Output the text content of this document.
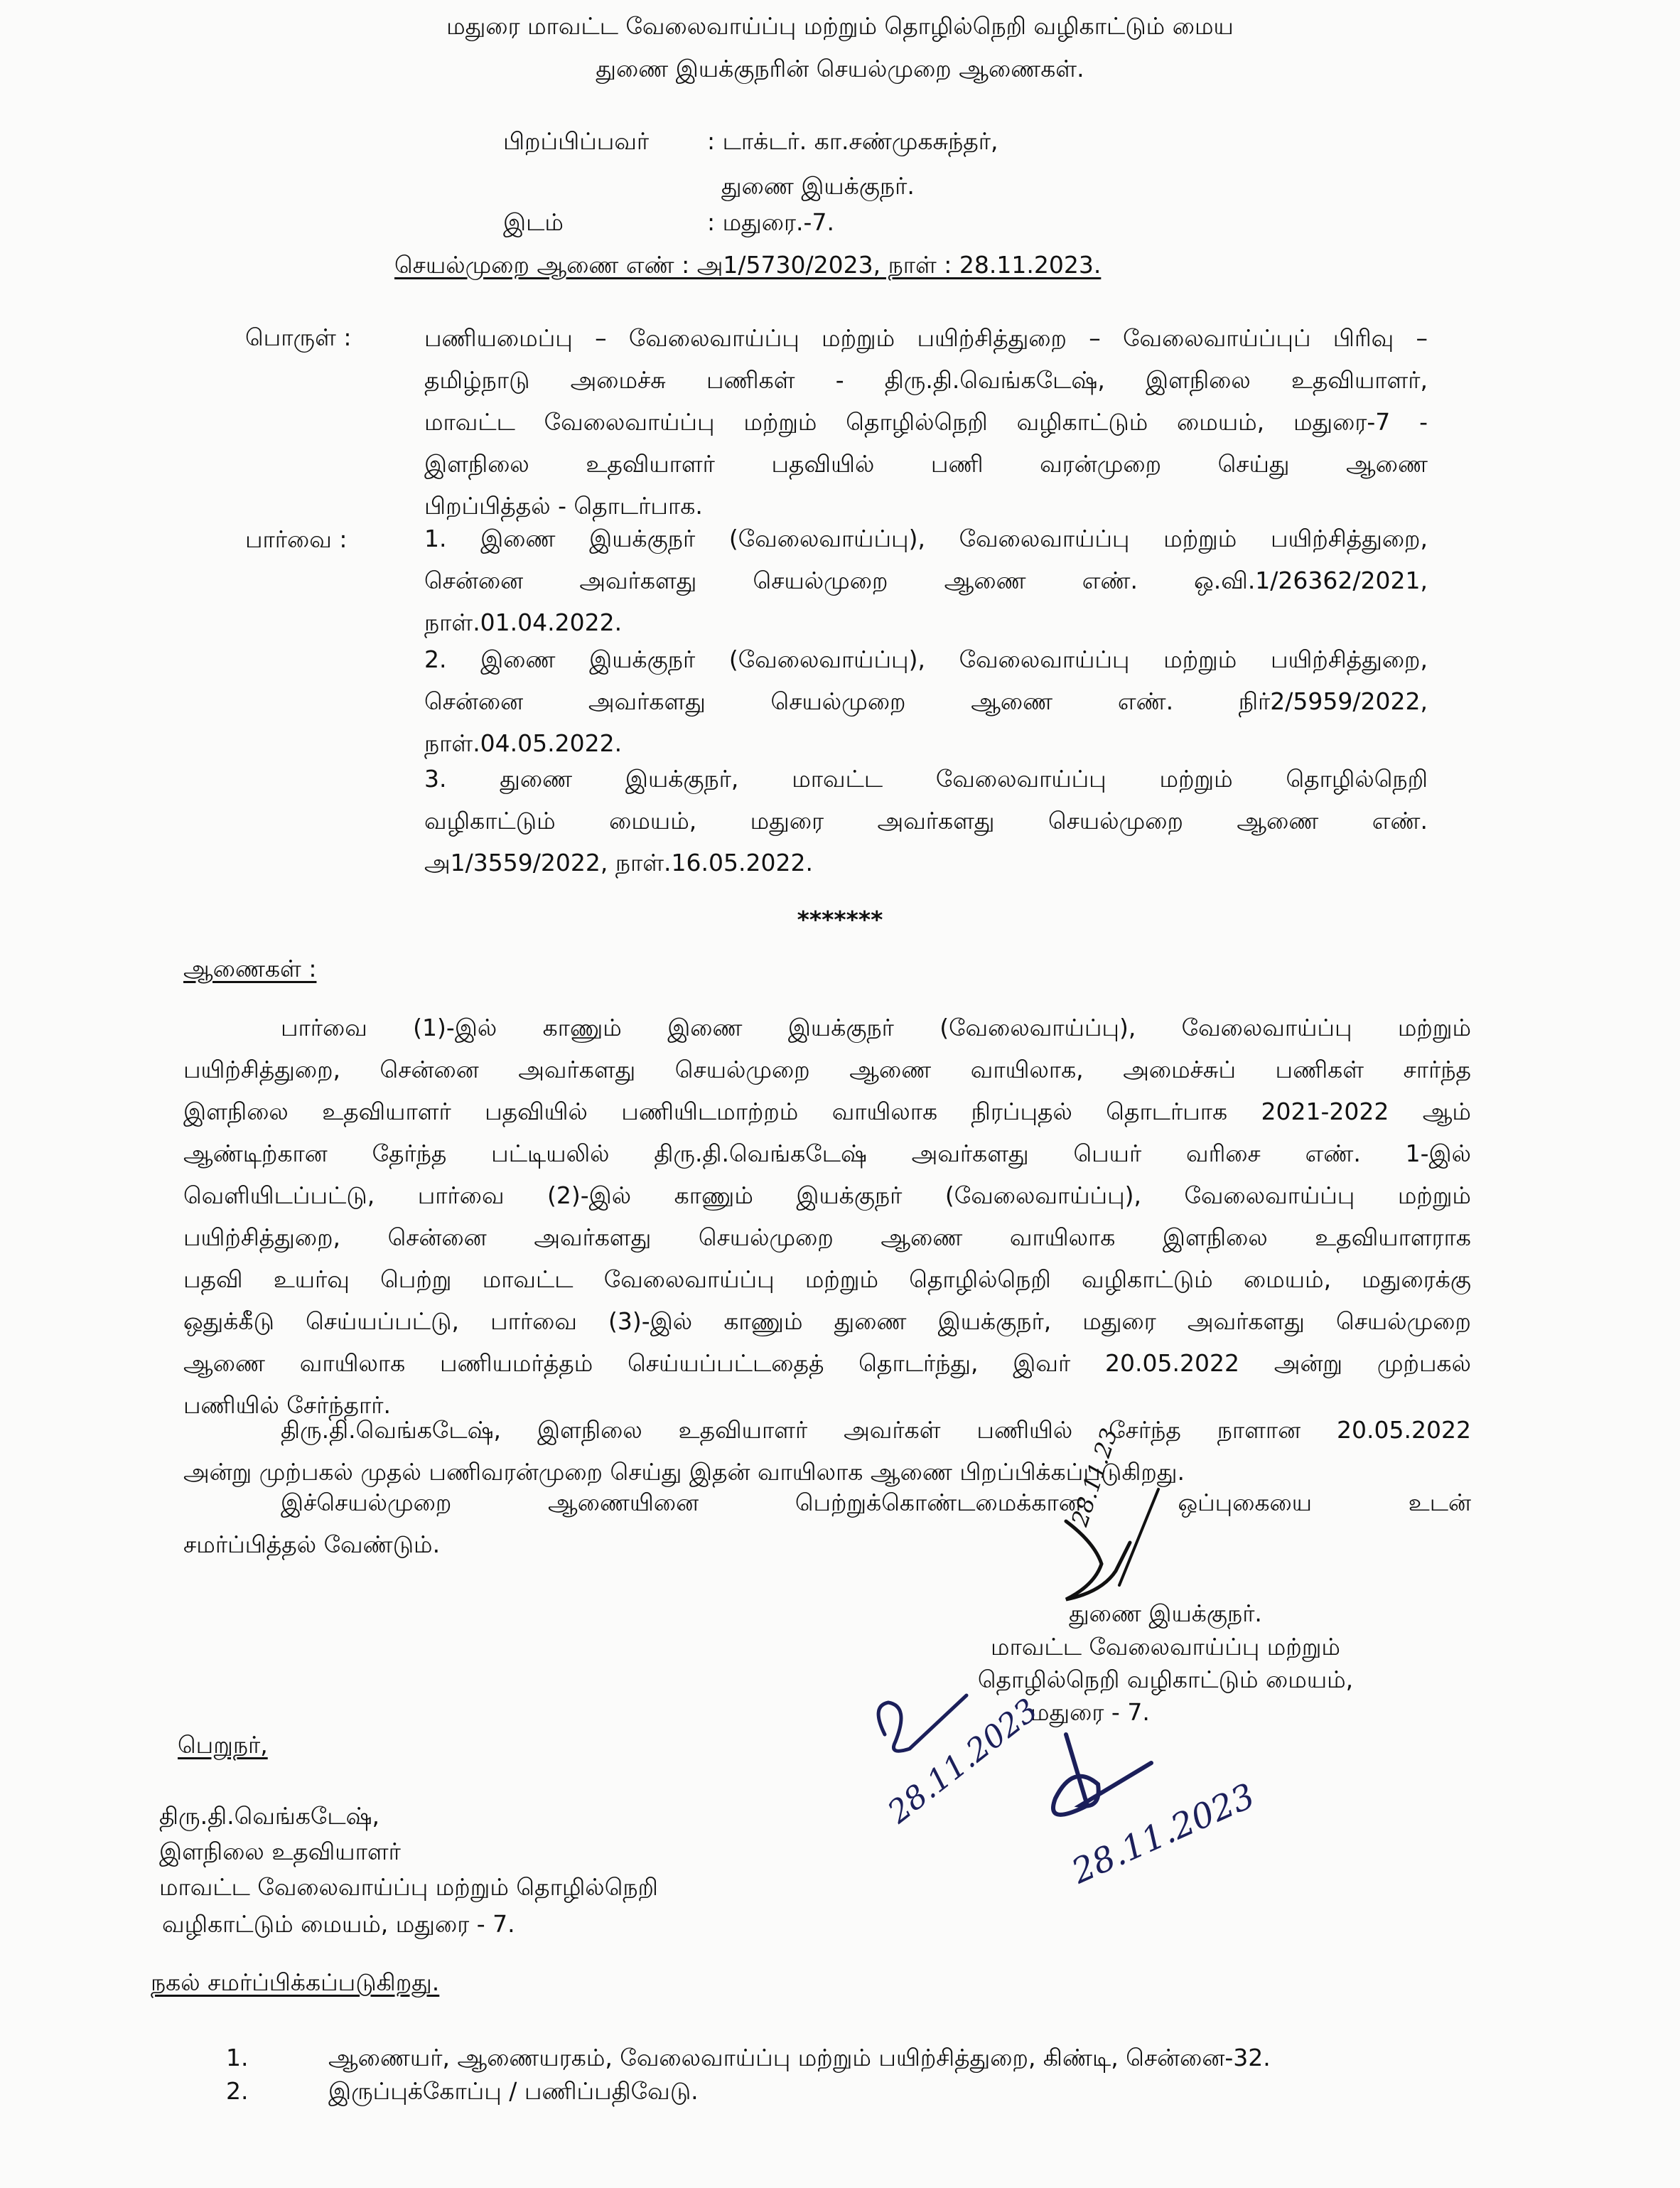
மதுரை மாவட்ட வேலைவாய்ப்பு மற்றும் தொழில்நெறி வழிகாட்டும் மைய
துணை இயக்குநரின் செயல்முறை ஆணைகள்.
பிறப்பிப்பவர் : டாக்டர். கா.சண்முகசுந்தர்,
துணை இயக்குநர்.
இடம்	: மதுரை.-7.
செயல்முறை ஆணை எண் : அ1/5730/2023, நாள் : 28.11.2023.
பொருள் :	பணியமைப்பு – வேலைவாய்ப்பு மற்றும் பயிற்சித்துறை – வேலைவாய்ப்புப் பிரிவு –
தமிழ்நாடு அமைச்சு பணிகள் - திரு.தி.வெங்கடேஷ், இளநிலை உதவியாளர்,
மாவட்ட வேலைவாய்ப்பு மற்றும் தொழில்நெறி வழிகாட்டும் மையம், மதுரை-7 -
இளநிலை உதவியாளர் பதவியில் பணி வரன்முறை செய்து ஆணை
பிறப்பித்தல் - தொடர்பாக.
பார்வை :	1. இணை இயக்குநர் (வேலைவாய்ப்பு), வேலைவாய்ப்பு மற்றும் பயிற்சித்துறை,
சென்னை அவர்களது செயல்முறை ஆணை எண். ஒ.வி.1/26362/2021,
நாள்.01.04.2022.
2. இணை இயக்குநர் (வேலைவாய்ப்பு), வேலைவாய்ப்பு மற்றும் பயிற்சித்துறை,
சென்னை அவர்களது செயல்முறை ஆணை எண். நிர்2/5959/2022,
நாள்.04.05.2022.
3. துணை இயக்குநர், மாவட்ட வேலைவாய்ப்பு மற்றும் தொழில்நெறி
வழிகாட்டும் மையம், மதுரை அவர்களது செயல்முறை ஆணை எண்.
அ1/3559/2022, நாள்.16.05.2022.
*******
ஆணைகள் :
பார்வை (1)-இல் காணும் இணை இயக்குநர் (வேலைவாய்ப்பு), வேலைவாய்ப்பு மற்றும்
பயிற்சித்துறை, சென்னை அவர்களது செயல்முறை ஆணை வாயிலாக, அமைச்சுப் பணிகள் சார்ந்த
இளநிலை உதவியாளர் பதவியில் பணியிடமாற்றம் வாயிலாக நிரப்புதல் தொடர்பாக 2021-2022 ஆம்
ஆண்டிற்கான தேர்ந்த பட்டியலில் திரு.தி.வெங்கடேஷ் அவர்களது பெயர் வரிசை எண். 1-இல்
வெளியிடப்பட்டு, பார்வை (2)-இல் காணும் இயக்குநர் (வேலைவாய்ப்பு), வேலைவாய்ப்பு மற்றும்
பயிற்சித்துறை, சென்னை அவர்களது செயல்முறை ஆணை வாயிலாக இளநிலை உதவியாளராக
பதவி உயர்வு பெற்று மாவட்ட வேலைவாய்ப்பு மற்றும் தொழில்நெறி வழிகாட்டும் மையம், மதுரைக்கு
ஒதுக்கீடு செய்யப்பட்டு, பார்வை (3)-இல் காணும் துணை இயக்குநர், மதுரை அவர்களது செயல்முறை
ஆணை வாயிலாக பணியமர்த்தம் செய்யப்பட்டதைத் தொடர்ந்து, இவர் 20.05.2022 அன்று முற்பகல்
பணியில் சேர்ந்தார்.
திரு.தி.வெங்கடேஷ், இளநிலை உதவியாளர் அவர்கள் பணியில் சேர்ந்த நாளான 20.05.2022
அன்று முற்பகல் முதல் பணிவரன்முறை செய்து இதன் வாயிலாக ஆணை பிறப்பிக்கப்படுகிறது.
இச்செயல்முறை ஆணையினை பெற்றுக்கொண்டமைக்கான ஒப்புகையை உடன்
சமர்ப்பித்தல் வேண்டும்.
28.11.23
துணை இயக்குநர்.
மாவட்ட வேலைவாய்ப்பு மற்றும்
தொழில்நெறி வழிகாட்டும் மையம்,
மதுரை - 7.
28.11.2023
28.11.2023
பெறுநர்,
திரு.தி.வெங்கடேஷ்,
இளநிலை உதவியாளர்
மாவட்ட வேலைவாய்ப்பு மற்றும் தொழில்நெறி
வழிகாட்டும் மையம், மதுரை - 7.
நகல் சமர்ப்பிக்கப்படுகிறது.
1.	ஆணையர், ஆணையரகம், வேலைவாய்ப்பு மற்றும் பயிற்சித்துறை, கிண்டி, சென்னை-32.
2.	இருப்புக்கோப்பு / பணிப்பதிவேடு.
